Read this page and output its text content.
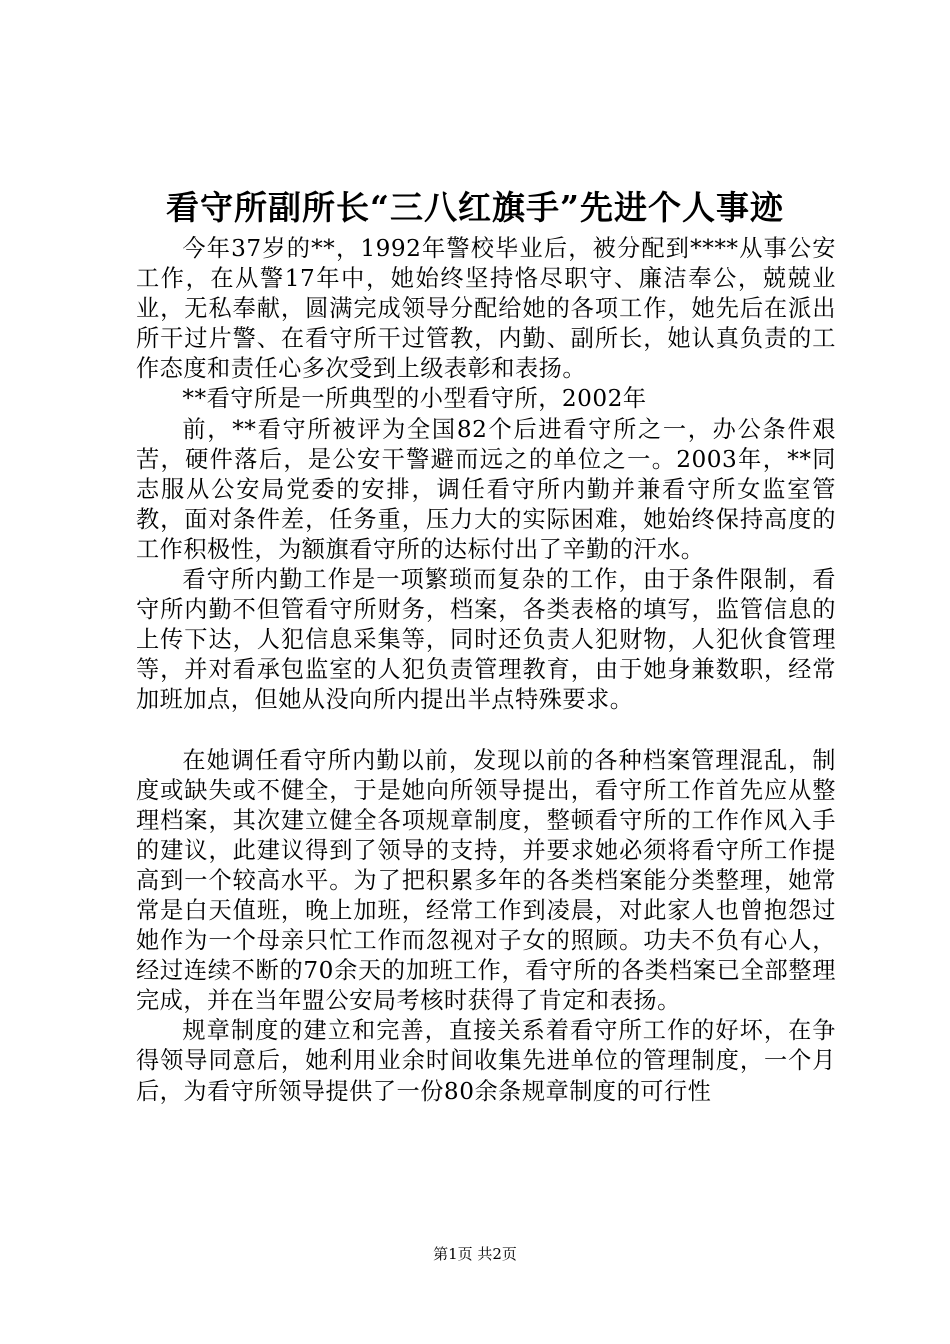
看守所副所长“三八红旗手”先进个人事迹

今年37岁的**，1992年警校毕业后，被分配到****从事公安工作，在从警17年中，她始终坚持恪尽职守、廉洁奉公，兢兢业业，无私奉献，圆满完成领导分配给她的各项工作，她先后在派出所干过片警、在看守所干过管教，内勤、副所长，她认真负责的工作态度和责任心多次受到上级表彰和表扬。

**看守所是一所典型的小型看守所，2002年

前，**看守所被评为全国82个后进看守所之一，办公条件艰苦，硬件落后，是公安干警避而远之的单位之一。2003年，**同志服从公安局党委的安排，调任看守所内勤并兼看守所女监室管教，面对条件差，任务重，压力大的实际困难，她始终保持高度的工作积极性，为额旗看守所的达标付出了辛勤的汗水。

看守所内勤工作是一项繁琐而复杂的工作，由于条件限制，看守所内勤不但管看守所财务，档案，各类表格的填写，监管信息的上传下达，人犯信息采集等，同时还负责人犯财物，人犯伙食管理等，并对看承包监室的人犯负责管理教育，由于她身兼数职，经常加班加点，但她从没向所内提出半点特殊要求。

在她调任看守所内勤以前，发现以前的各种档案管理混乱，制度或缺失或不健全，于是她向所领导提出，看守所工作首先应从整理档案，其次建立健全各项规章制度，整顿看守所的工作作风入手的建议，此建议得到了领导的支持，并要求她必须将看守所工作提高到一个较高水平。为了把积累多年的各类档案能分类整理，她常常是白天值班，晚上加班，经常工作到凌晨，对此家人也曾抱怨过她作为一个母亲只忙工作而忽视对子女的照顾。功夫不负有心人，经过连续不断的70余天的加班工作，看守所的各类档案已全部整理完成，并在当年盟公安局考核时获得了肯定和表扬。

规章制度的建立和完善，直接关系着看守所工作的好坏，在争得领导同意后，她利用业余时间收集先进单位的管理制度，一个月后，为看守所领导提供了一份80余条规章制度的可行性

第1页 共2页
